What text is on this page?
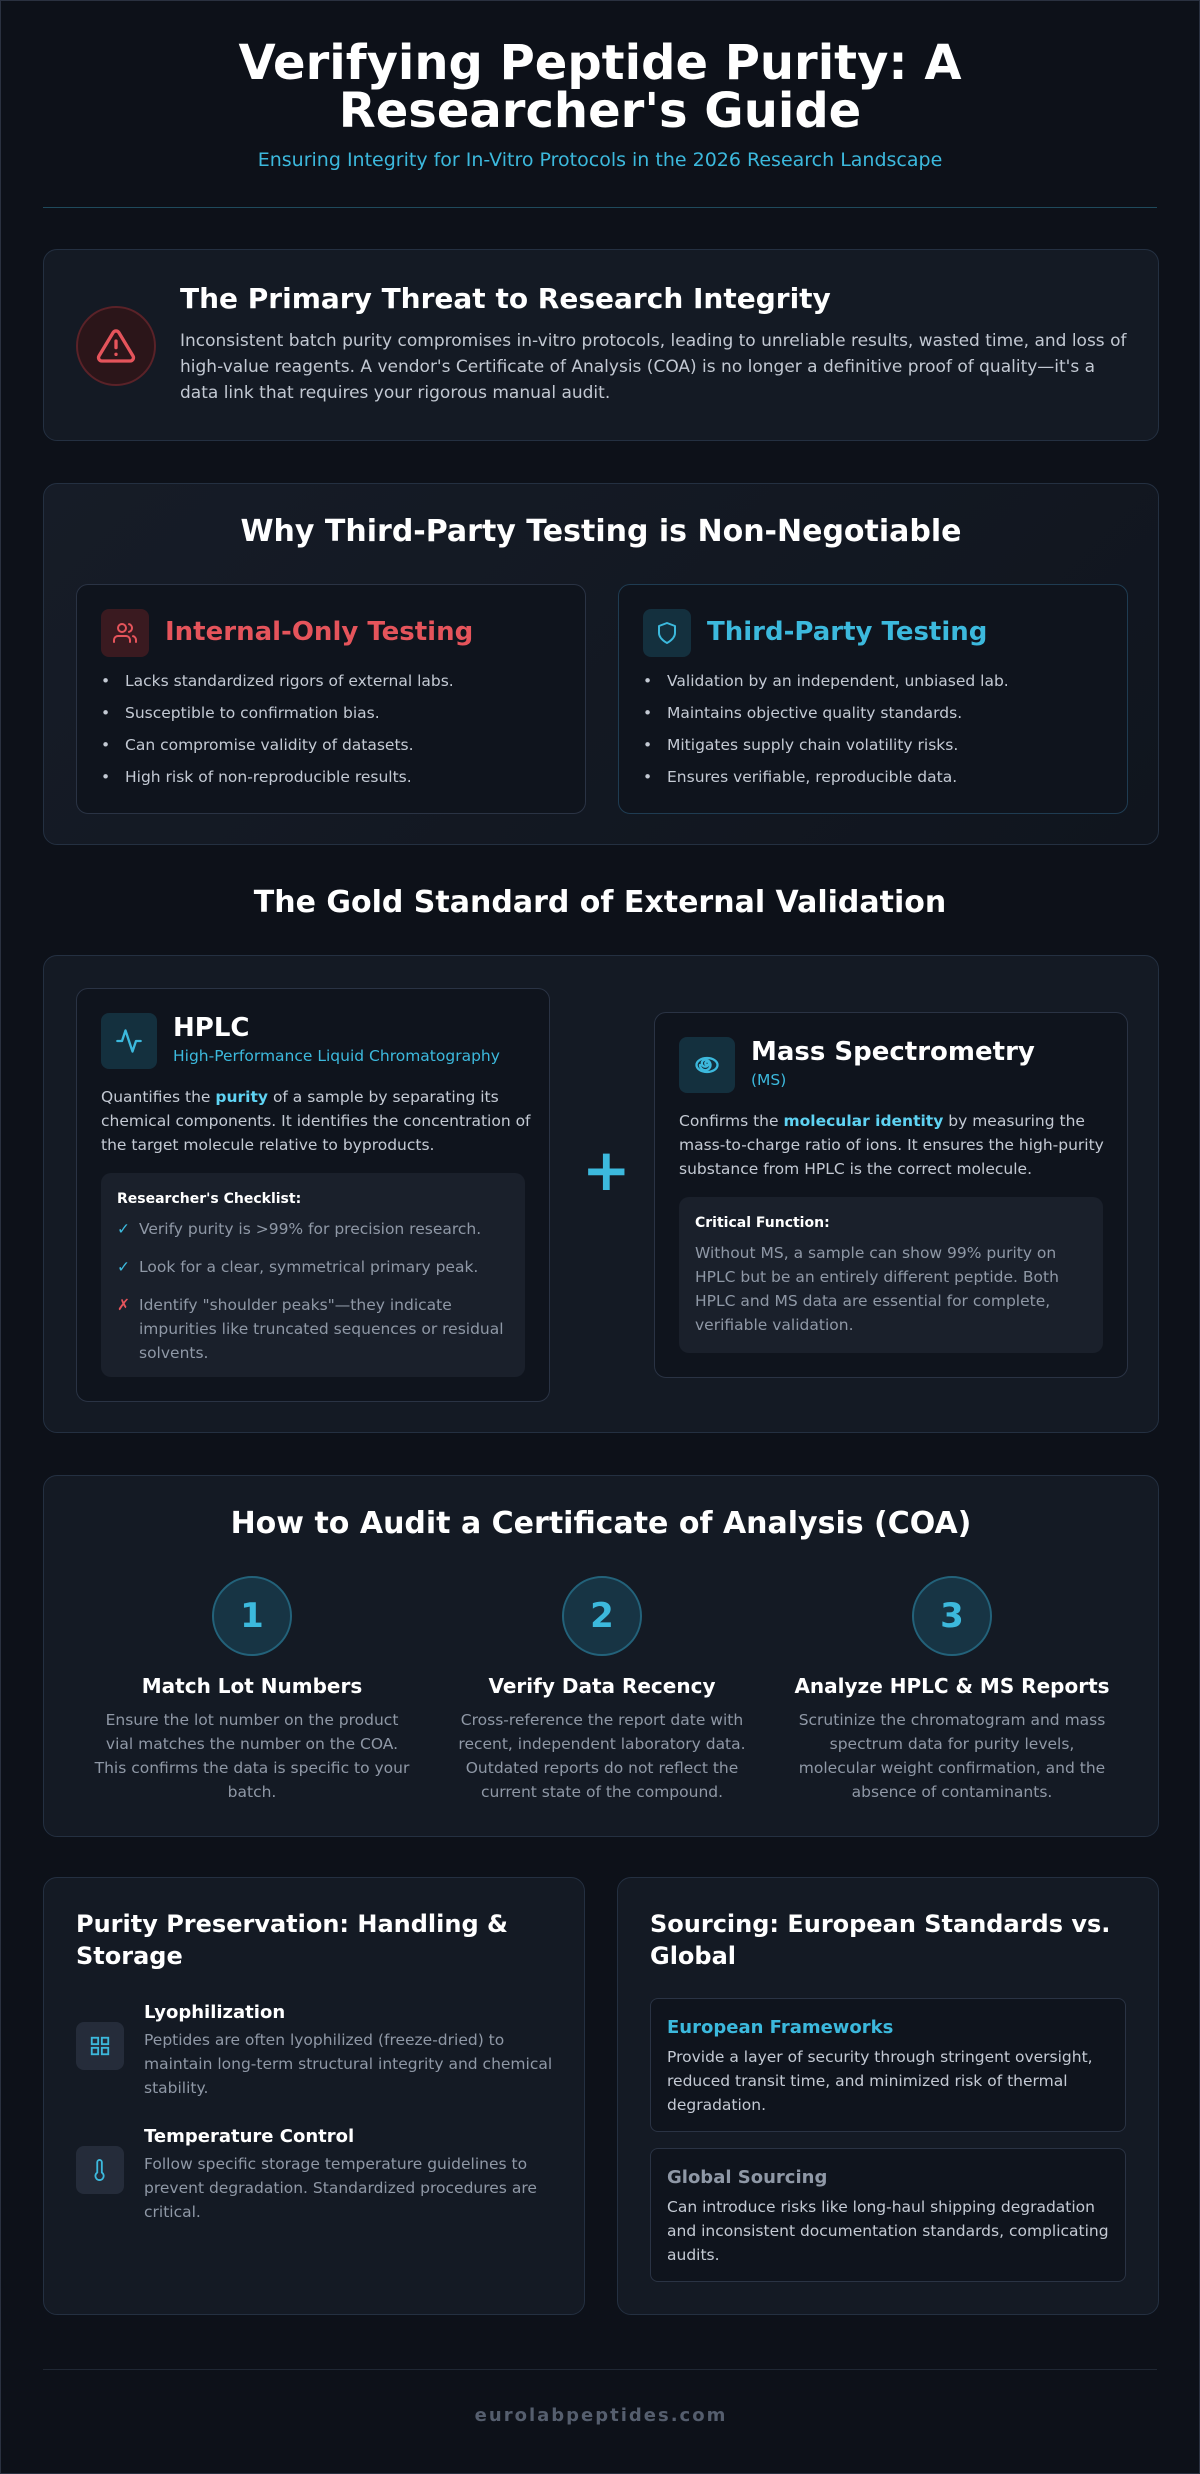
Verifying Peptide Purity: A Researcher's Guide
Ensuring Integrity for In-Vitro Protocols in the 2026 Research Landscape
The Primary Threat to Research Integrity
Inconsistent batch purity compromises in-vitro protocols, leading to unreliable results, wasted time, and loss of high-value reagents. A vendor's Certificate of Analysis (COA) is no longer a definitive proof of quality—it's a data link that requires your rigorous manual audit.
Why Third-Party Testing is Non-Negotiable
Internal-Only Testing
• Lacks standardized rigors of external labs.
• Susceptible to confirmation bias.
• Can compromise validity of datasets.
• High risk of non-reproducible results.
Third-Party Testing
• Validation by an independent, unbiased lab.
• Maintains objective quality standards.
• Mitigates supply chain volatility risks.
• Ensures verifiable, reproducible data.
The Gold Standard of External Validation
HPLC
High-Performance Liquid Chromatography
Quantifies the purity of a sample by separating its chemical components. It identifies the concentration of the target molecule relative to byproducts.
Researcher's Checklist:
✓ Verify purity is >99% for precision research.
✓ Look for a clear, symmetrical primary peak.
✗ Identify "shoulder peaks"—they indicate impurities like truncated sequences or residual solvents.
+
Mass Spectrometry
(MS)
Confirms the molecular identity by measuring the mass-to-charge ratio of ions. It ensures the high-purity substance from HPLC is the correct molecule.
Critical Function:
Without MS, a sample can show 99% purity on HPLC but be an entirely different peptide. Both HPLC and MS data are essential for complete, verifiable validation.
How to Audit a Certificate of Analysis (COA)
1
Match Lot Numbers
Ensure the lot number on the product vial matches the number on the COA. This confirms the data is specific to your batch.
2
Verify Data Recency
Cross-reference the report date with recent, independent laboratory data. Outdated reports do not reflect the current state of the compound.
3
Analyze HPLC & MS Reports
Scrutinize the chromatogram and mass spectrum data for purity levels, molecular weight confirmation, and the absence of contaminants.
Purity Preservation: Handling & Storage
Lyophilization
Peptides are often lyophilized (freeze-dried) to maintain long-term structural integrity and chemical stability.
Temperature Control
Follow specific storage temperature guidelines to prevent degradation. Standardized procedures are critical.
Sourcing: European Standards vs. Global
European Frameworks
Provide a layer of security through stringent oversight, reduced transit time, and minimized risk of thermal degradation.
Global Sourcing
Can introduce risks like long-haul shipping degradation and inconsistent documentation standards, complicating audits.
eurolabpeptides.com
